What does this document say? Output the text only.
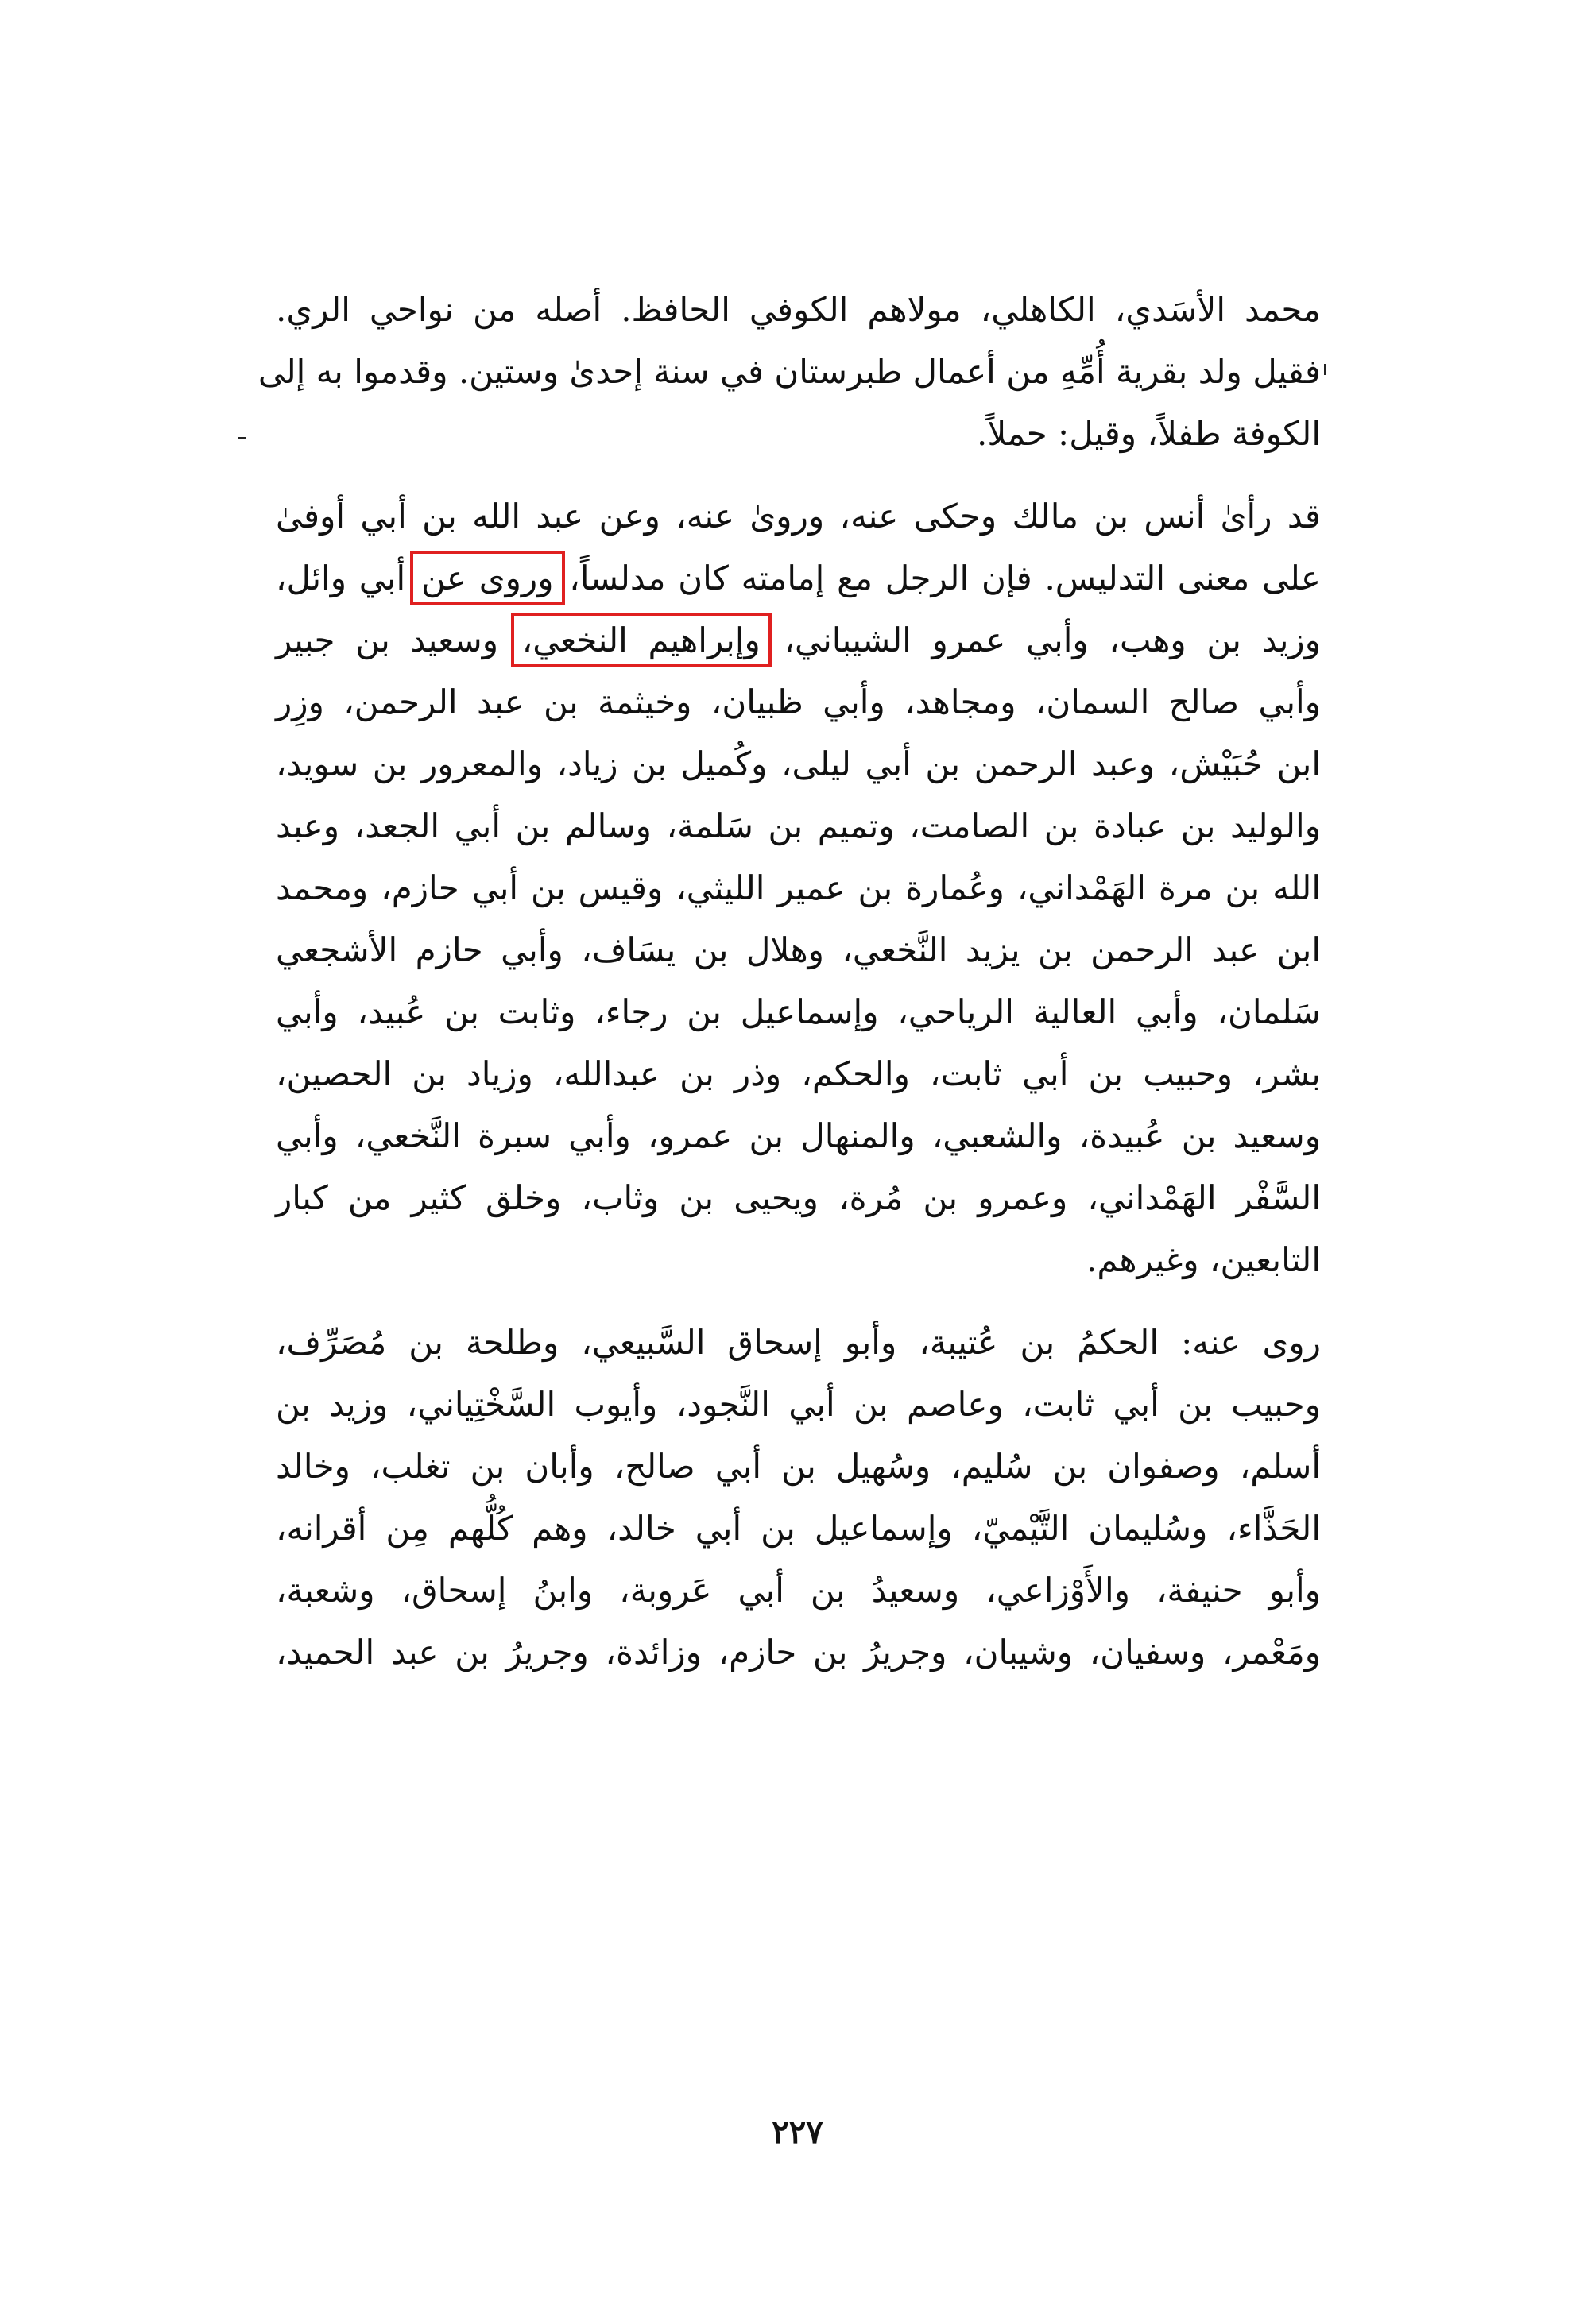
محمد الأسَدي، الكاهلي، مولاهم الكوفي الحافظ. أصله من نواحي الري.
فقيل ولد بقرية أُمِّهِ من أعمال طبرستان في سنة إحدىٰ وستين. وقدموا به إلى
الكوفة طفلاً، وقيل: حملاً.
قد رأىٰ أنس بن مالك وحكى عنه، وروىٰ عنه، وعن عبد الله بن أبي أوفىٰ
على معنى التدليس. فإن الرجل مع إمامته كان مدلساً، وروى عن أبي وائل،
وزيد بن وهب، وأبي عمرو الشيباني، وإبراهيم النخعي، وسعيد بن جبير
وأبي صالح السمان، ومجاهد، وأبي ظبيان، وخيثمة بن عبد الرحمن، وزِر
ابن حُبَيْش، وعبد الرحمن بن أبي ليلى، وكُميل بن زياد، والمعرور بن سويد،
والوليد بن عبادة بن الصامت، وتميم بن سَلمة، وسالم بن أبي الجعد، وعبد
الله بن مرة الهَمْداني، وعُمارة بن عمير الليثي، وقيس بن أبي حازم، ومحمد
ابن عبد الرحمن بن يزيد النَّخعي، وهلال بن يسَاف، وأبي حازم الأشجعي
سَلمان، وأبي العالية الرياحي، وإسماعيل بن رجاء، وثابت بن عُبيد، وأبي
بشر، وحبيب بن أبي ثابت، والحكم، وذر بن عبدالله، وزياد بن الحصين،
وسعيد بن عُبيدة، والشعبي، والمنهال بن عمرو، وأبي سبرة النَّخعي، وأبي
السَّفْر الهَمْداني، وعمرو بن مُرة، ويحيى بن وثاب، وخلق كثير من كبار
التابعين، وغيرهم.
روى عنه: الحكمُ بن عُتيبة، وأبو إسحاق السَّبيعي، وطلحة بن مُصَرِّف،
وحبيب بن أبي ثابت، وعاصم بن أبي النَّجود، وأيوب السَّخْتِياني، وزيد بن
أسلم، وصفوان بن سُليم، وسُهيل بن أبي صالح، وأبان بن تغلب، وخالد
الحَذَّاء، وسُليمان التَّيْميّ، وإسماعيل بن أبي خالد، وهم كُلُّهم مِن أقرانه،
وأبو حنيفة، والأَوْزاعي، وسعيدُ بن أبي عَروبة، وابنُ إسحاق، وشعبة،
ومَعْمر، وسفيان، وشيبان، وجريرُ بن حازم، وزائدة، وجريرُ بن عبد الحميد،
٢٢٧
